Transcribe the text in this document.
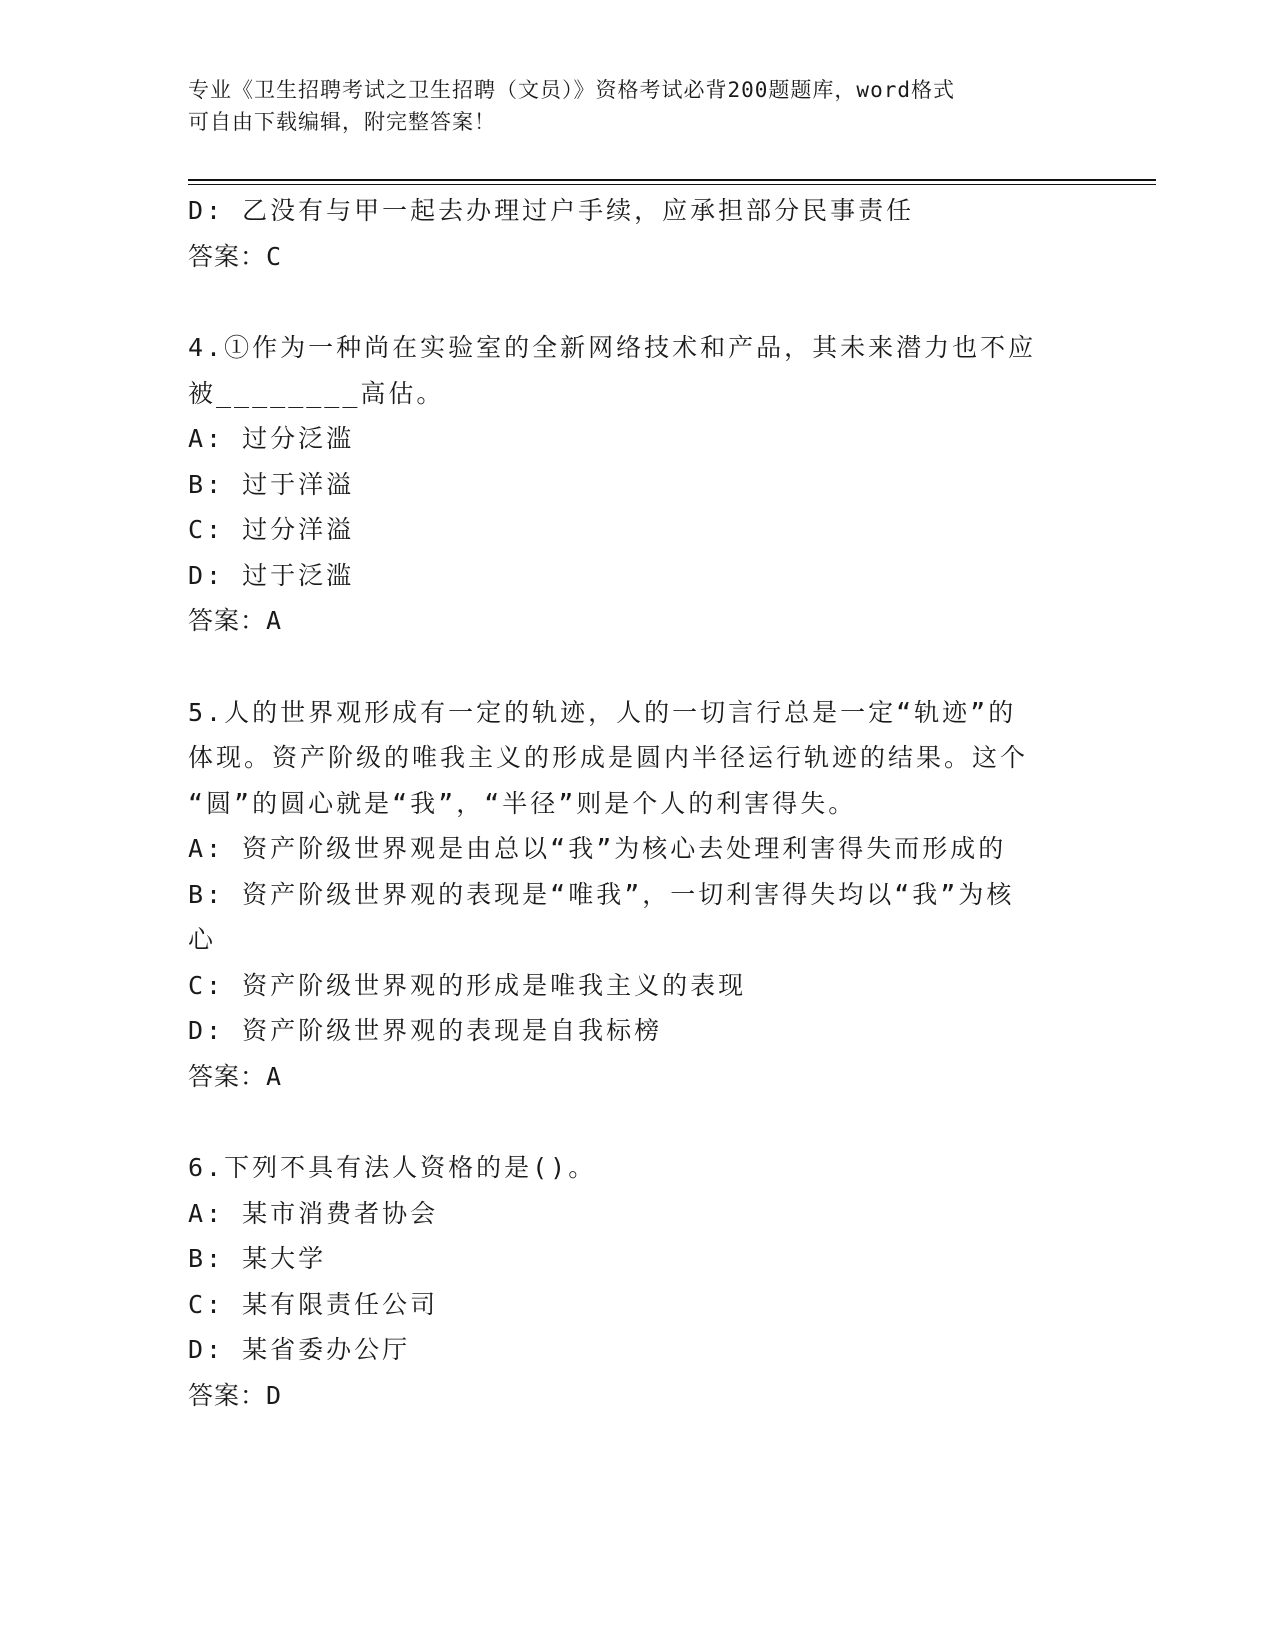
专业《卫生招聘考试之卫生招聘（文员）》资格考试必背200题题库，word格式
可自由下载编辑，附完整答案！
D: 乙没有与甲一起去办理过户手续，应承担部分民事责任
答案：C
4.①作为一种尚在实验室的全新网络技术和产品，其未来潜力也不应
被________高估。
A: 过分泛滥
B: 过于洋溢
C: 过分洋溢
D: 过于泛滥
答案：A
5.人的世界观形成有一定的轨迹，人的一切言行总是一定“轨迹”的
体现。资产阶级的唯我主义的形成是圆内半径运行轨迹的结果。这个
“圆”的圆心就是“我”，“半径”则是个人的利害得失。
A: 资产阶级世界观是由总以“我”为核心去处理利害得失而形成的
B: 资产阶级世界观的表现是“唯我”，一切利害得失均以“我”为核
心
C: 资产阶级世界观的形成是唯我主义的表现
D: 资产阶级世界观的表现是自我标榜
答案：A
6.下列不具有法人资格的是()。
A: 某市消费者协会
B: 某大学
C: 某有限责任公司
D: 某省委办公厅
答案：D
